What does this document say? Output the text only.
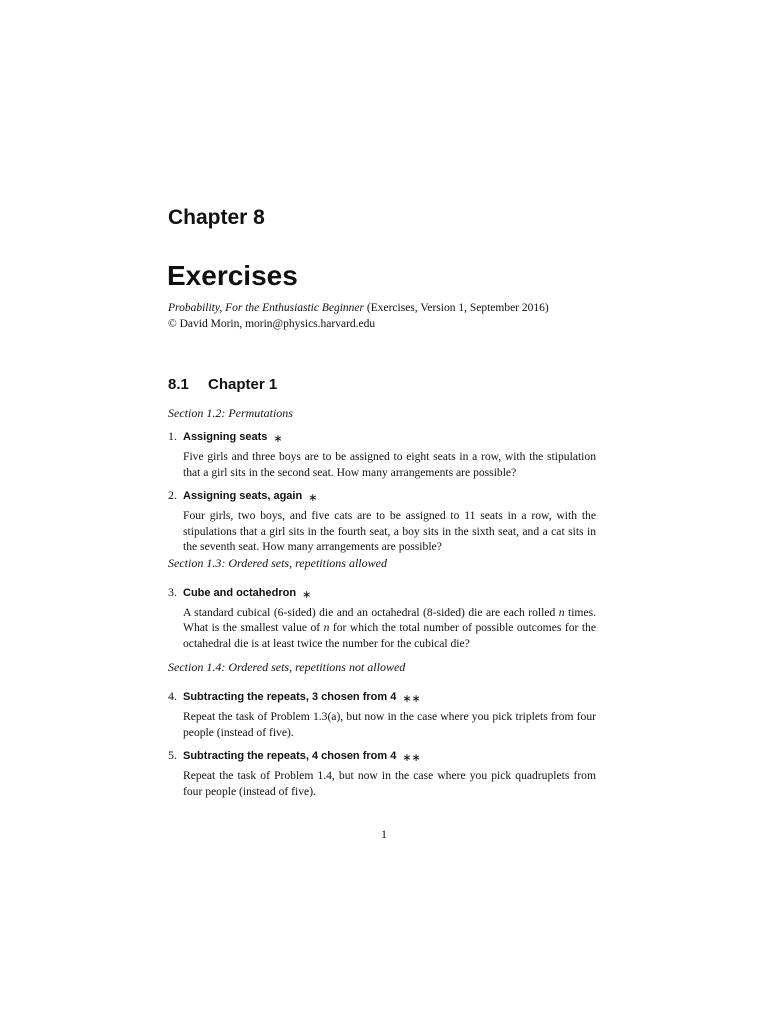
Chapter 8
Exercises
Probability, For the Enthusiastic Beginner (Exercises, Version 1, September 2016)
© David Morin, morin@physics.harvard.edu
8.1 Chapter 1
Section 1.2: Permutations
1. Assigning seats ∗
Five girls and three boys are to be assigned to eight seats in a row, with the stipulation that a girl sits in the second seat. How many arrangements are possible?
2. Assigning seats, again ∗
Four girls, two boys, and five cats are to be assigned to 11 seats in a row, with the stipulations that a girl sits in the fourth seat, a boy sits in the sixth seat, and a cat sits in the seventh seat. How many arrangements are possible?
Section 1.3: Ordered sets, repetitions allowed
3. Cube and octahedron ∗
A standard cubical (6-sided) die and an octahedral (8-sided) die are each rolled n times. What is the smallest value of n for which the total number of possible outcomes for the octahedral die is at least twice the number for the cubical die?
Section 1.4: Ordered sets, repetitions not allowed
4. Subtracting the repeats, 3 chosen from 4 ∗∗
Repeat the task of Problem 1.3(a), but now in the case where you pick triplets from four people (instead of five).
5. Subtracting the repeats, 4 chosen from 4 ∗∗
Repeat the task of Problem 1.4, but now in the case where you pick quadruplets from four people (instead of five).
1
